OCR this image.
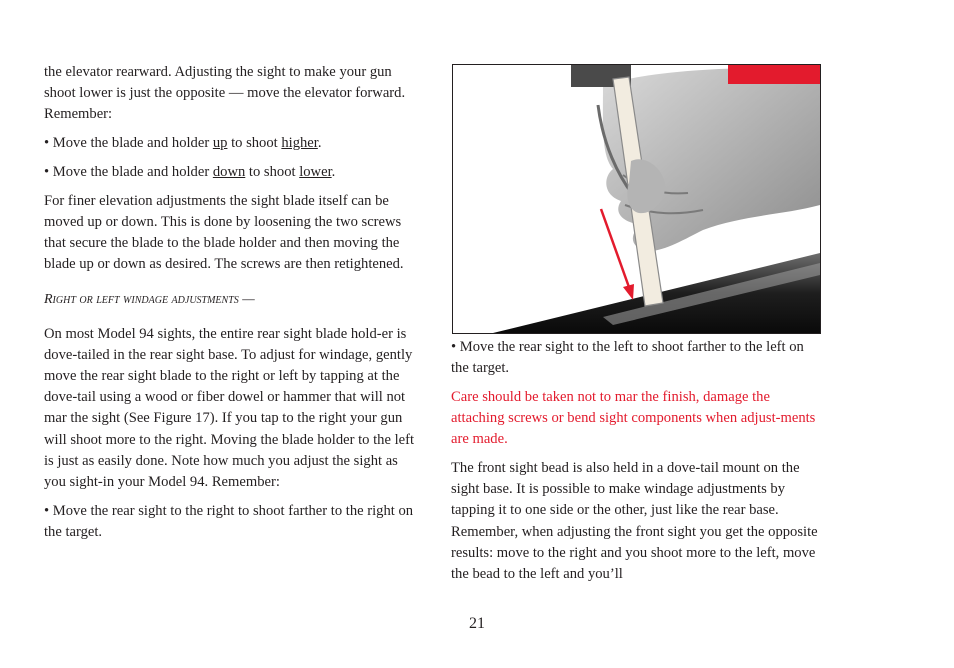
the elevator rearward. Adjusting the sight to make your gun shoot lower is just the opposite — move the elevator forward. Remember:

• Move the blade and holder up to shoot higher.

• Move the blade and holder down to shoot lower.

For finer elevation adjustments the sight blade itself can be moved up or down. This is done by loosening the two screws that secure the blade to the blade holder and then moving the blade up or down as desired. The screws are then retightened.

Right or left windage adjustments —

On most Model 94 sights, the entire rear sight blade hold-er is dove-tailed in the rear sight base. To adjust for windage, gently move the rear sight blade to the right or left by tapping at the dove-tail using a wood or fiber dowel or hammer that will not mar the sight (See Figure 17). If you tap to the right your gun will shoot more to the right. Moving the blade holder to the left is just as easily done. Note how much you adjust the sight as you sight-in your Model 94. Remember:

• Move the rear sight to the right to shoot farther to the right on the target.

• Move the rear sight to the left to shoot farther to the left on the target.

Care should be taken not to mar the finish, damage the attaching screws or bend sight components when adjust-ments are made.

The front sight bead is also held in a dove-tail mount on the sight base. It is possible to make windage adjustments by tapping it to one side or the other, just like the rear base. Remember, when adjusting the front sight you get the opposite results: move to the right and you shoot more to the left, move the bead to the left and you’ll

21
